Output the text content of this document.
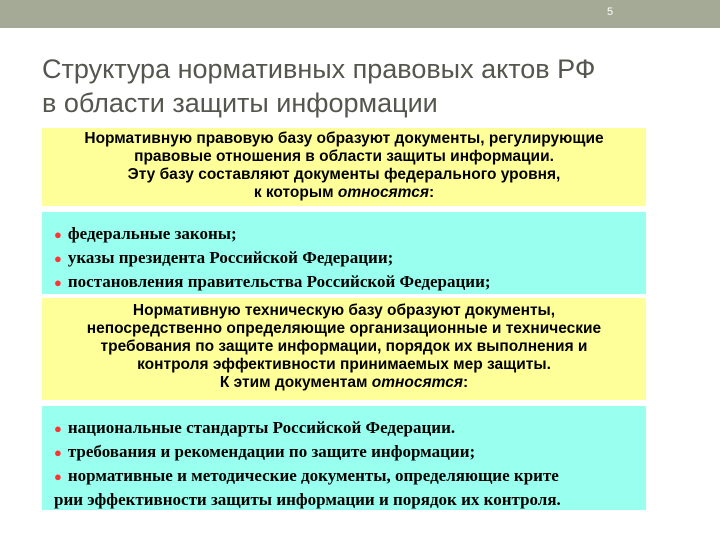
5
Структура нормативных правовых актов РФ
в области защиты информации
Нормативную правовую базу образуют документы, регулирующие
правовые отношения в области защиты информации.
Эту базу составляют документы федерального уровня,
к которым относятся:
● федеральные законы;
● указы президента Российской Федерации;
● постановления правительства Российской Федерации;
Нормативную техническую базу образуют документы,
непосредственно определяющие организационные и технические
требования по защите информации, порядок их выполнения и
контроля эффективности принимаемых мер защиты.
К этим документам относятся:
● национальные стандарты Российской Федерации.
● требования и рекомендации по защите информации;
● нормативные и методические документы, определяющие крите
рии эффективности защиты информации и порядок их контроля.
